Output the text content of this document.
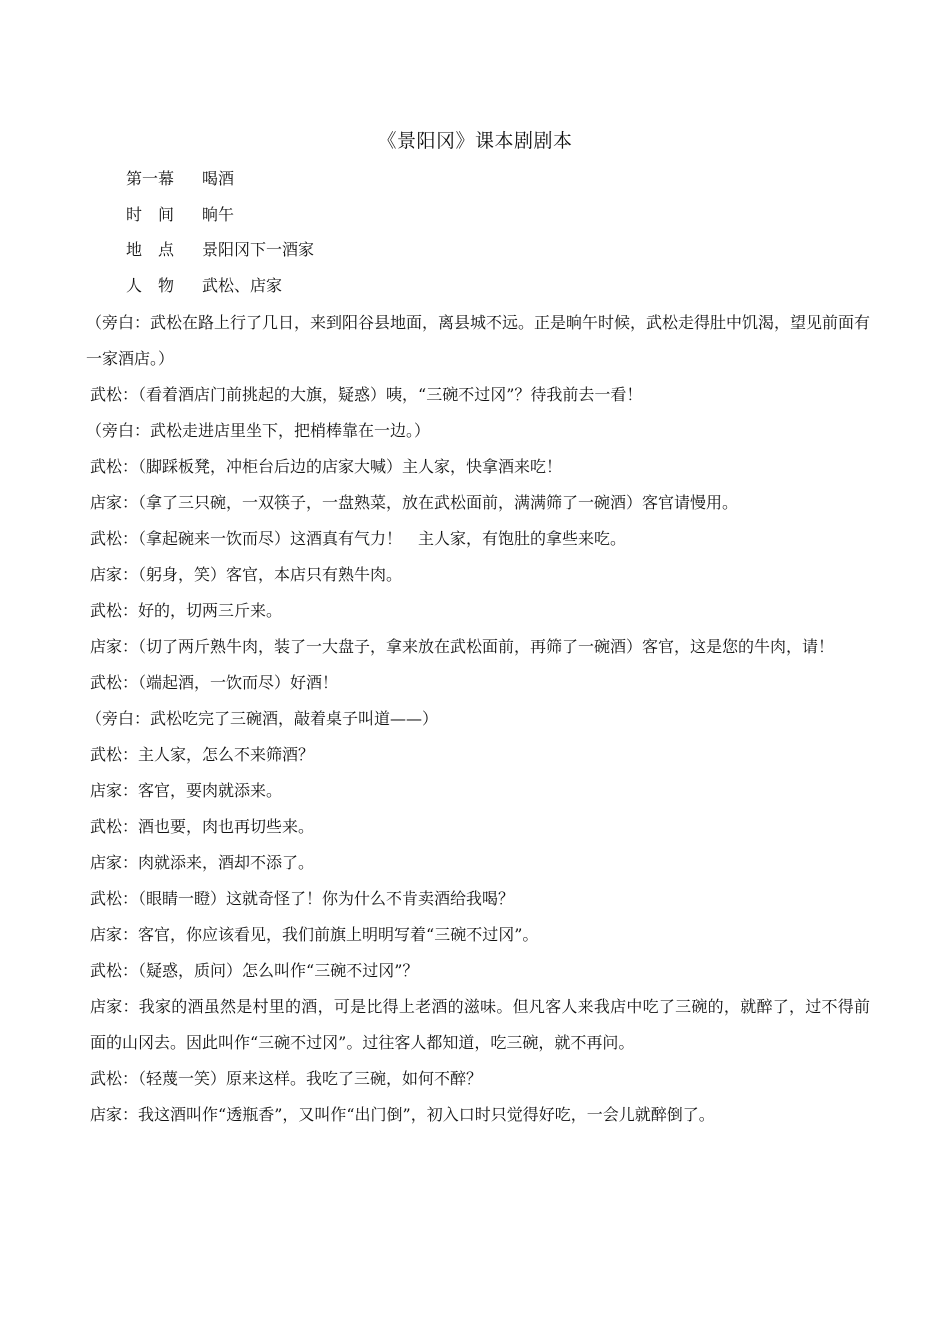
《景阳冈》课本剧剧本
第一幕 喝酒
时　间 晌午
地　点 景阳冈下一酒家
人　物 武松、店家
（旁白：武松在路上行了几日，来到阳谷县地面，离县城不远。正是晌午时候，武松走得肚中饥渴，望见前面有一家酒店。）
武松：（看着酒店门前挑起的大旗，疑惑）咦，“三碗不过冈”？待我前去一看！
（旁白：武松走进店里坐下，把梢棒靠在一边。）
武松：（脚踩板凳，冲柜台后边的店家大喊）主人家，快拿酒来吃！
店家：（拿了三只碗，一双筷子，一盘熟菜，放在武松面前，满满筛了一碗酒）客官请慢用。
武松：（拿起碗来一饮而尽）这酒真有气力！　主人家，有饱肚的拿些来吃。
店家：（躬身，笑）客官，本店只有熟牛肉。
武松：好的，切两三斤来。
店家：（切了两斤熟牛肉，装了一大盘子，拿来放在武松面前，再筛了一碗酒）客官，这是您的牛肉，请！
武松：（端起酒，一饮而尽）好酒！
（旁白：武松吃完了三碗酒，敲着桌子叫道——）
武松：主人家，怎么不来筛酒？
店家：客官，要肉就添来。
武松：酒也要，肉也再切些来。
店家：肉就添来，酒却不添了。
武松：（眼睛一瞪）这就奇怪了！你为什么不肯卖酒给我喝？
店家：客官，你应该看见，我们前旗上明明写着“三碗不过冈”。
武松：（疑惑，质问）怎么叫作“三碗不过冈”？
店家：我家的酒虽然是村里的酒，可是比得上老酒的滋味。但凡客人来我店中吃了三碗的，就醉了，过不得前面的山冈去。因此叫作“三碗不过冈”。过往客人都知道，吃三碗，就不再问。
武松：（轻蔑一笑）原来这样。我吃了三碗，如何不醉？
店家：我这酒叫作“透瓶香”，又叫作“出门倒”，初入口时只觉得好吃，一会儿就醉倒了。
